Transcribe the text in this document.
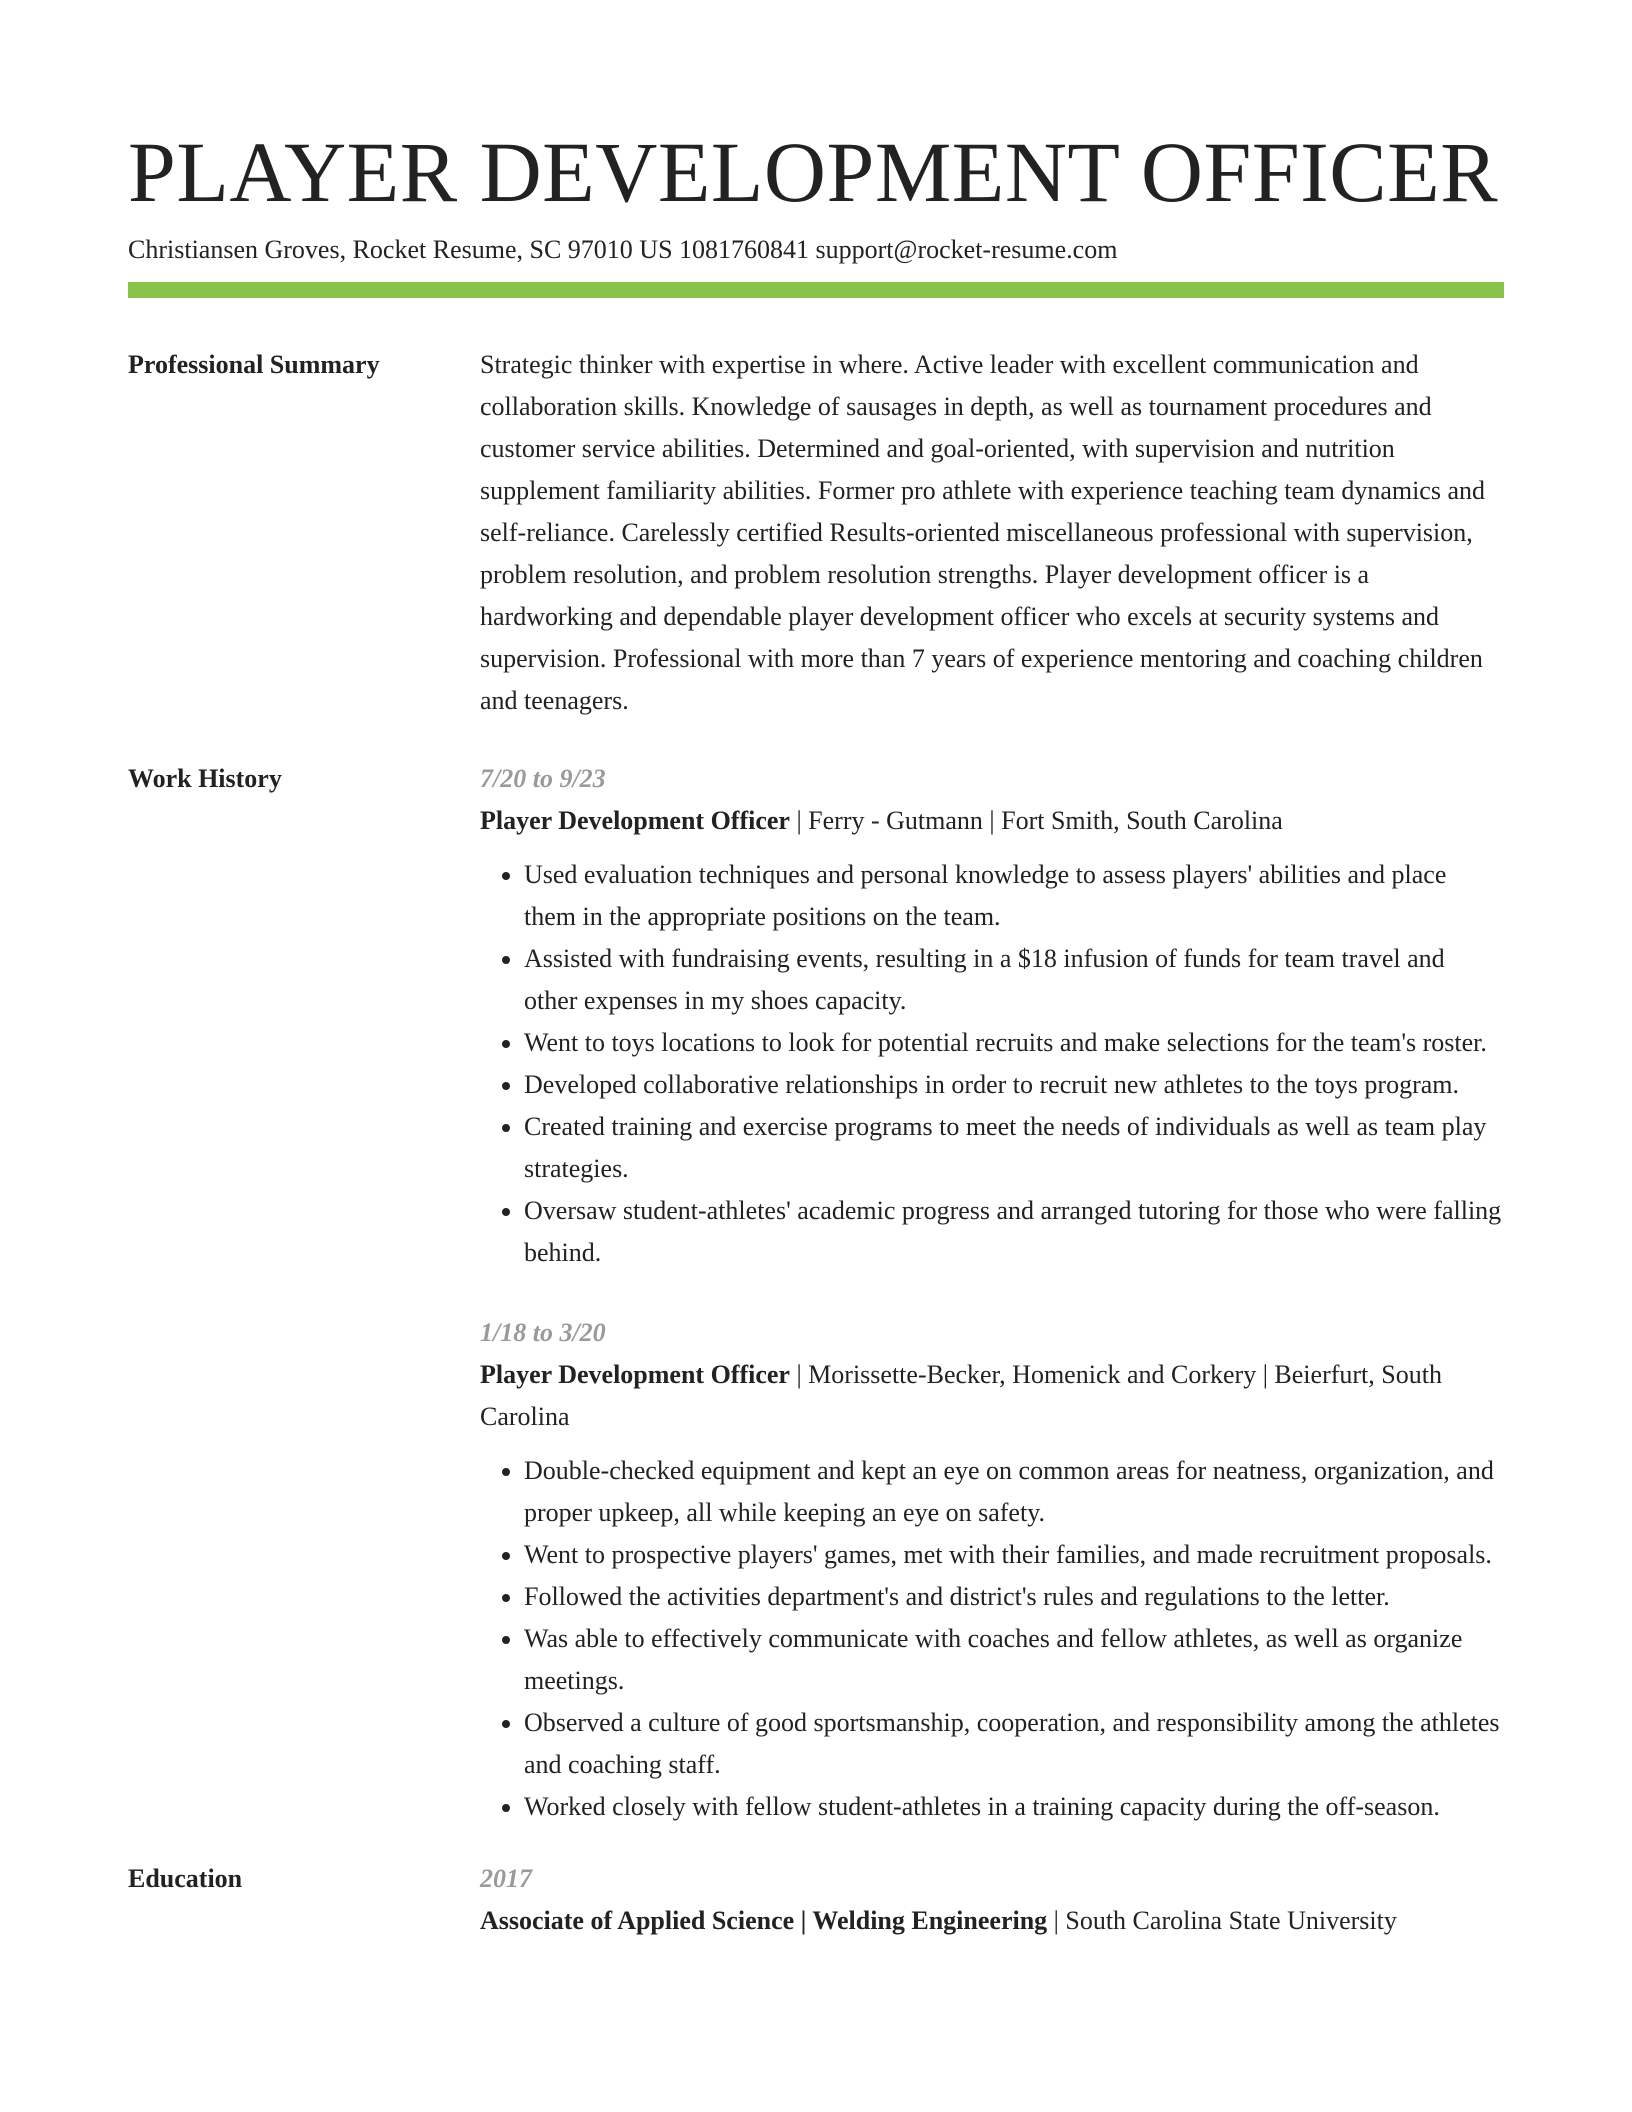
PLAYER DEVELOPMENT OFFICER
Christiansen Groves, Rocket Resume, SC 97010 US 1081760841 support@rocket-resume.com
Professional Summary	Strategic thinker with expertise in where. Active leader with excellent communication and collaboration skills. Knowledge of sausages in depth, as well as tournament procedures and customer service abilities. Determined and goal-oriented, with supervision and nutrition supplement familiarity abilities. Former pro athlete with experience teaching team dynamics and self-reliance. Carelessly certified Results-oriented miscellaneous professional with supervision, problem resolution, and problem resolution strengths. Player development officer is a hardworking and dependable player development officer who excels at security systems and supervision. Professional with more than 7 years of experience mentoring and coaching children and teenagers.

Work History	7/20 to 9/23

Player Development Officer | Ferry - Gutmann | Fort Smith, South Carolina

• Used evaluation techniques and personal knowledge to assess players' abilities and place them in the appropriate positions on the team.
• Assisted with fundraising events, resulting in a $18 infusion of funds for team travel and other expenses in my shoes capacity.
• Went to toys locations to look for potential recruits and make selections for the team's roster.
• Developed collaborative relationships in order to recruit new athletes to the toys program.
• Created training and exercise programs to meet the needs of individuals as well as team play strategies.
• Oversaw student-athletes' academic progress and arranged tutoring for those who were falling behind.
1/18 to 3/20

Player Development Officer | Morissette-Becker, Homenick and Corkery | Beierfurt, South Carolina

• Double-checked equipment and kept an eye on common areas for neatness, organization, and proper upkeep, all while keeping an eye on safety.
• Went to prospective players' games, met with their families, and made recruitment proposals.
• Followed the activities department's and district's rules and regulations to the letter.
• Was able to effectively communicate with coaches and fellow athletes, as well as organize meetings.
• Observed a culture of good sportsmanship, cooperation, and responsibility among the athletes and coaching staff.
• Worked closely with fellow student-athletes in a training capacity during the off-season.
Education	2017

Associate of Applied Science | Welding Engineering | South Carolina State University
